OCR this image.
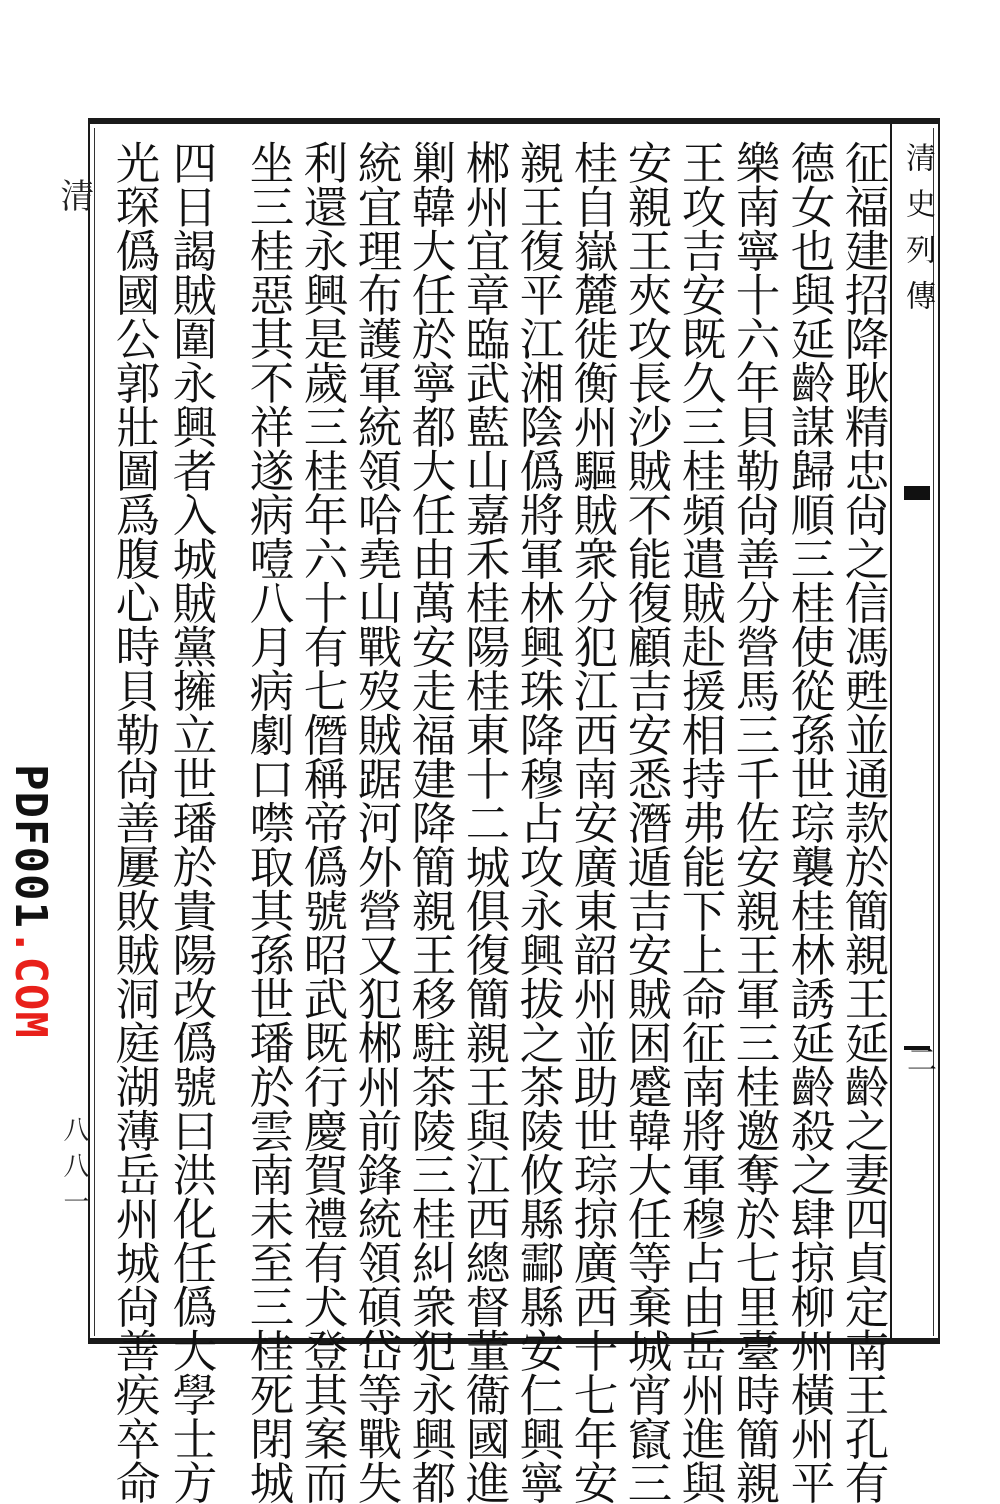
清史列傳
二
清
八八一
PDF001.COM	征福建招降耿精忠尙之信馮甦並通款於簡親王延齡之妻四貞定南王孔有
德女也與延齡謀歸順三桂使從孫世琮襲桂林誘延齡殺之肆掠柳州橫州平
樂南寧十六年貝勒尙善分營馬三千佐安親王軍三桂邀奪於七里臺時簡親
王攻吉安既久三桂頻遣賊赴援相持弗能下上命征南將軍穆占由岳州進與
安親王夾攻長沙賊不能復顧吉安悉潛遁吉安賊困蹙韓大任等棄城宵竄三
桂自嶽麓徙衡州驅賊衆分犯江西南安廣東韶州並助世琮掠廣西十七年安
親王復平江湘陰僞將軍林興珠降穆占攻永興拔之茶陵攸縣酃縣安仁興寧
郴州宜章臨武藍山嘉禾桂陽桂東十二城俱復簡親王與江西總督董衞國進
剿韓大任於寧都大任由萬安走福建降簡親王移駐茶陵三桂糾衆犯永興都
統宜理布護軍統領哈堯山戰歿賊踞河外營又犯郴州前鋒統領碩岱等戰失
利還永興是歲三桂年六十有七僭稱帝僞號昭武既行慶賀禮有犬登其案而
坐三桂惡其不祥遂病噎八月病劇口噤取其孫世璠於雲南未至三桂死閉城
四日謁賊圍永興者入城賊黨擁立世璠於貴陽改僞號曰洪化任僞大學士方
光琛僞國公郭壯圖爲腹心時貝勒尙善屢敗賊洞庭湖薄岳州城尙善疾卒命
